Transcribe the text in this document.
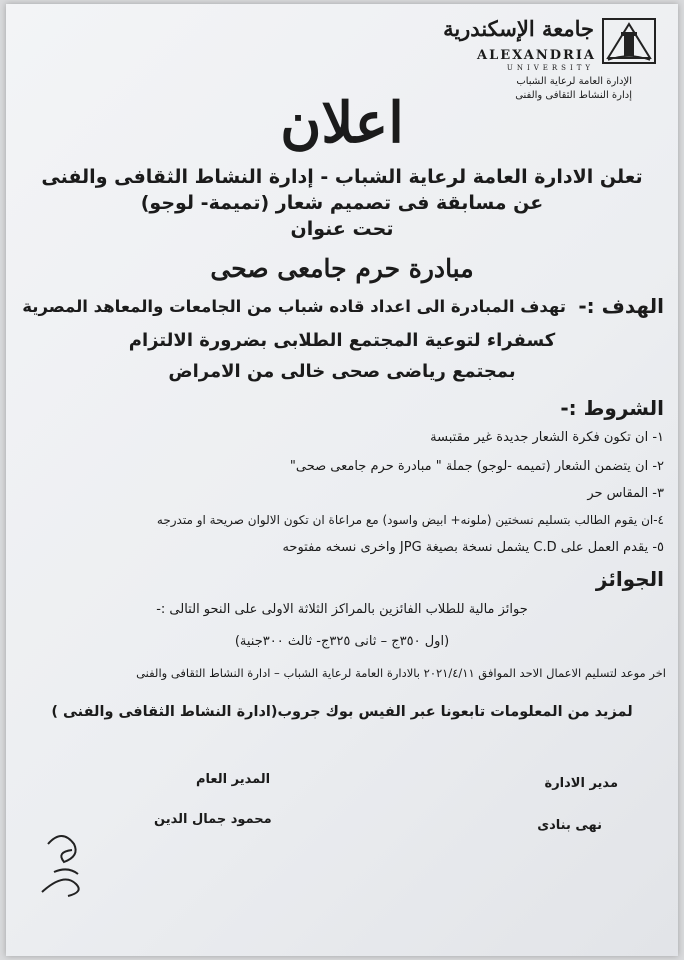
جامعة الإسكندرية
ALEXANDRIA
UNIVERSITY
الإدارة العامة لرعاية الشباب
إدارة النشاط الثقافى والفنى
اعلان
تعلن الادارة العامة لرعاية الشباب - إدارة النشاط الثقافى والفنى
عن مسابقة فى تصميم شعار (تميمة- لوجو)
تحت عنوان
مبادرة حرم جامعى صحى
الهدف :-
تهدف المبادرة الى اعداد قاده شباب من الجامعات والمعاهد المصرية
كسفراء لتوعية المجتمع الطلابى بضرورة الالتزام
بمجتمع رياضى صحى خالى من الامراض
الشروط :-
١- ان تكون فكرة الشعار جديدة غير مقتبسة
٢- ان يتضمن الشعار (تميمه -لوجو) جملة " مبادرة حرم جامعى صحى"
٣- المقاس حر
٤-ان يقوم الطالب بتسليم نسختين (ملونه+ ابيض واسود) مع مراعاة ان تكون الالوان صريحة او متدرجه
٥- يقدم العمل على C.D يشمل نسخة بصيغة JPG واخرى نسخه مفتوحه
الجوائز
جوائز مالية للطلاب الفائزين بالمراكز الثلاثة الاولى على النحو التالى :-
(اول ٣٥٠ج – ثانى ٣٢٥ج- ثالث ٣٠٠جنية)
اخر موعد لتسليم الاعمال الاحد الموافق ٢٠٢١/٤/١١ بالادارة العامة لرعاية الشباب – ادارة النشاط الثقافى والفنى
لمزيد من المعلومات تابعونا عبر الفيس بوك جروب(ادارة النشاط الثقافى والفنى )
مدير الادارة
نهى بنادى
المدير العام
محمود جمال الدين
